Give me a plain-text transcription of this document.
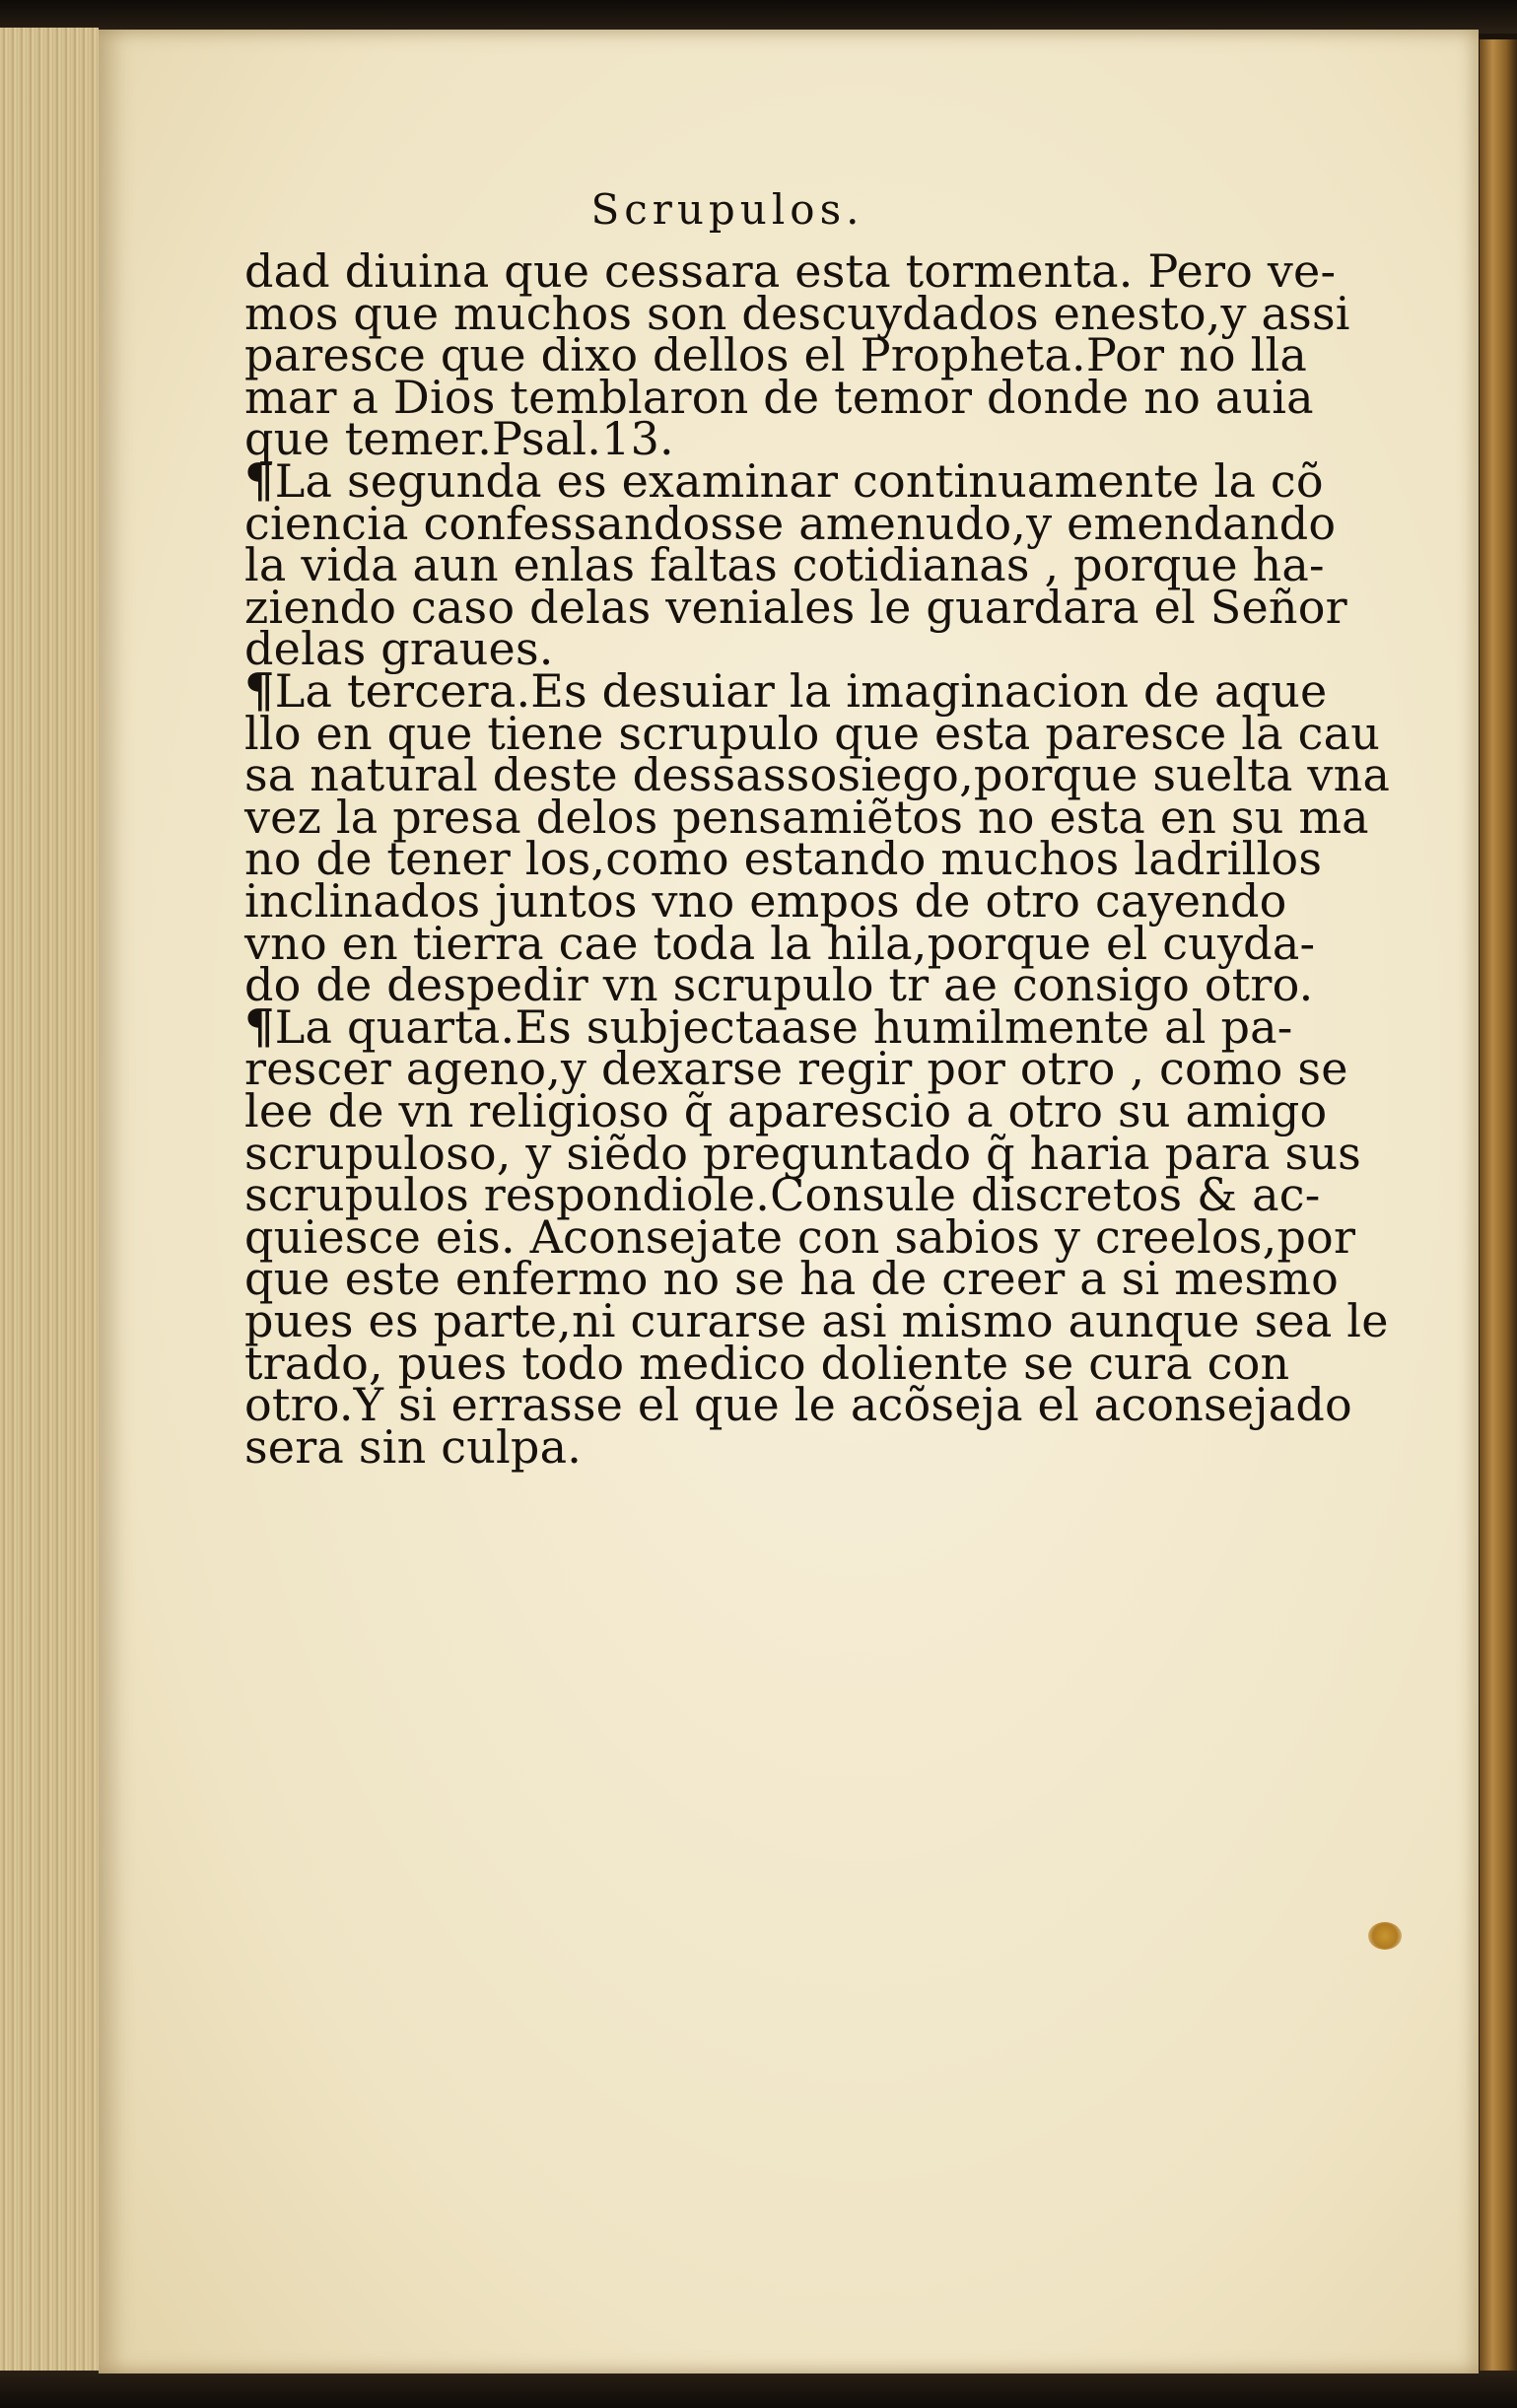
Scrupulos.
dad diuina que cessara esta tormenta. Pero ve-
mos que muchos son descuydados enesto,y assi
paresce que dixo dellos el Propheta.Por no lla
mar a Dios temblaron de temor donde no auia
que temer.Psal.13.
¶La segunda es examinar continuamente la cõ
ciencia confessandosse amenudo,y emendando
la vida aun enlas faltas cotidianas , porque ha-
ziendo caso delas veniales le guardara el Señor
delas graues.
¶La tercera.Es desuiar la imaginacion de aque
llo en que tiene scrupulo que esta paresce la cau
sa natural deste dessassosiego,porque suelta vna
vez la presa delos pensamiẽtos no esta en su ma
no de tener los,como estando muchos ladrillos
inclinados juntos vno empos de otro cayendo
vno en tierra cae toda la hila,porque el cuyda-
do de despedir vn scrupulo tr ae consigo otro.
¶La quarta.Es subjectaase humilmente al pa-
rescer ageno,y dexarse regir por otro , como se
lee de vn religioso q̃ aparescio a otro su amigo
scrupuloso, y siẽdo preguntado q̃ haria para sus
scrupulos respondiole.Consule discretos & ac-
quiesce eis. Aconsejate con sabios y creelos,por
que este enfermo no se ha de creer a si mesmo
pues es parte,ni curarse asi mismo aunque sea le
trado, pues todo medico doliente se cura con
otro.Y si errasse el que le acõseja el aconsejado
sera sin culpa.
